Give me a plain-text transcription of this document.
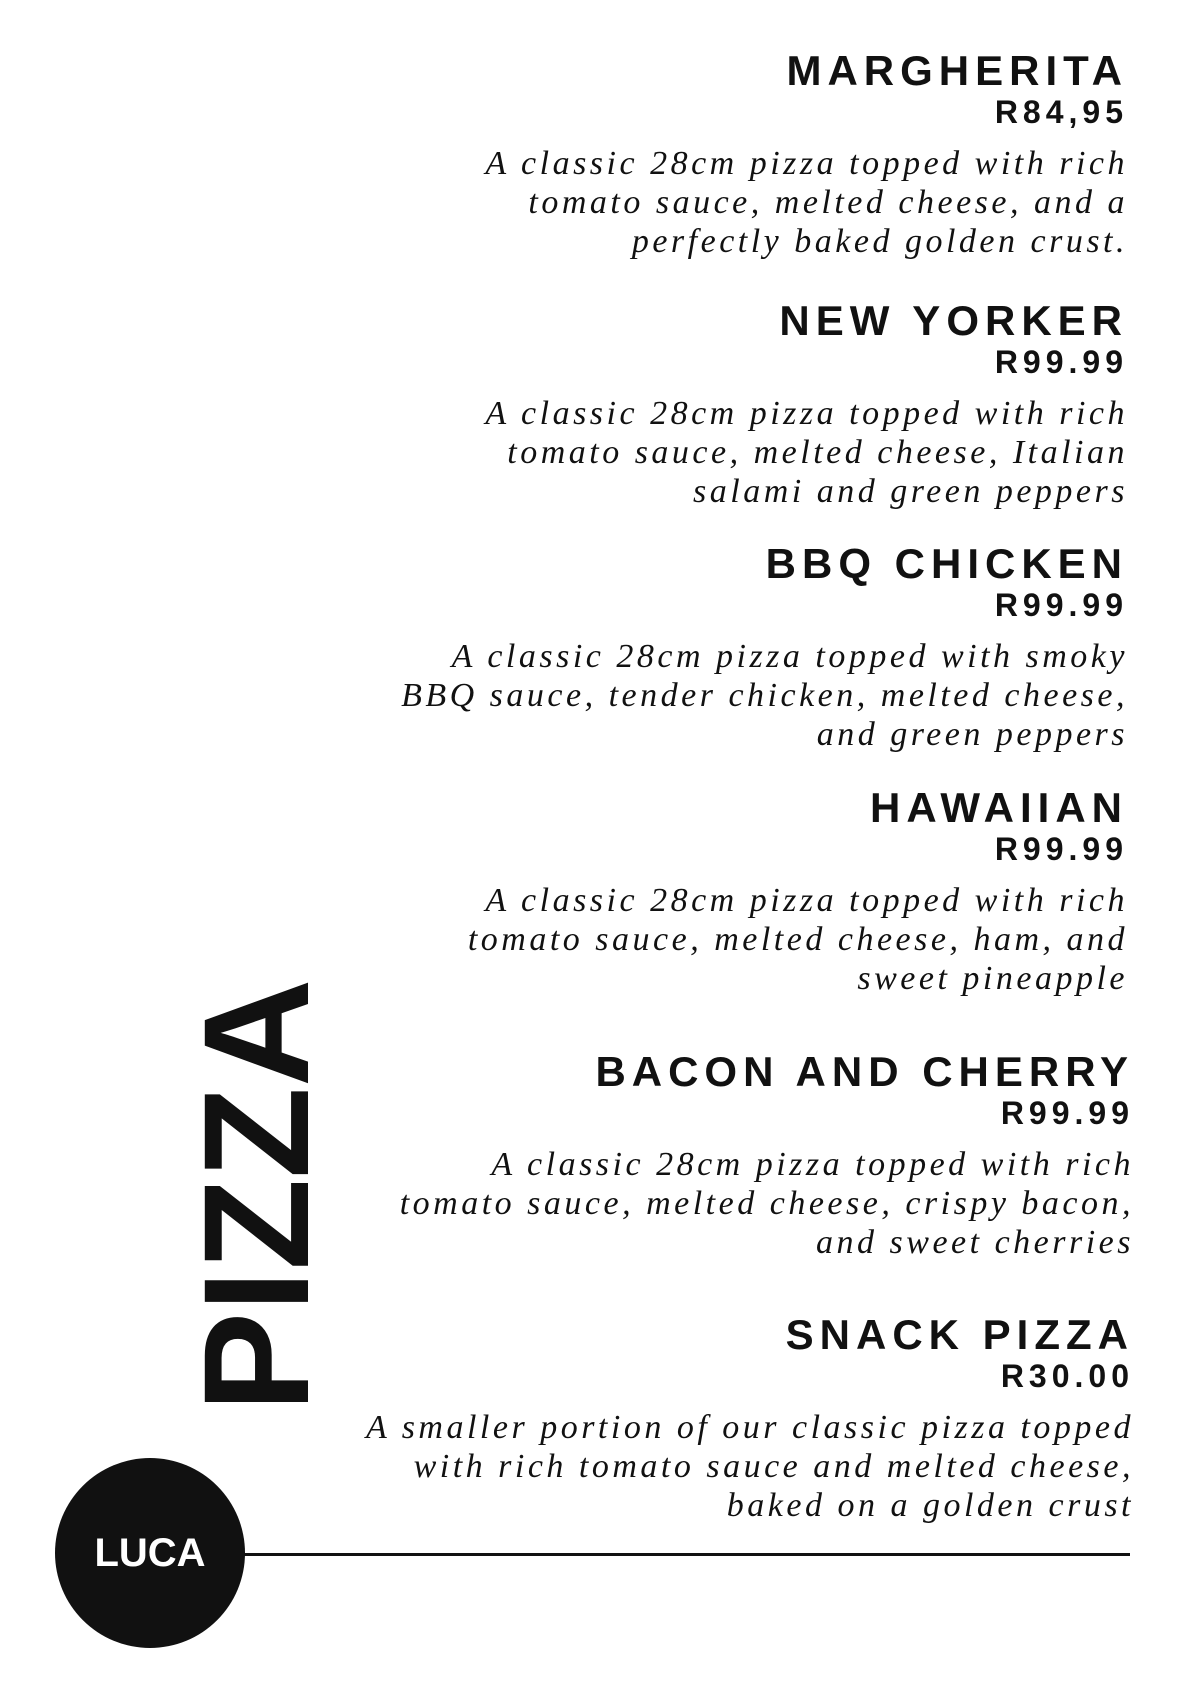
MARGHERITA

R84,95

A classic 28cm pizza topped with rich
tomato sauce, melted cheese, and a
perfectly baked golden crust.

NEW YORKER

R99.99

A classic 28cm pizza topped with rich
tomato sauce, melted cheese, Italian
salami and green peppers

BBQ CHICKEN

R99.99

A classic 28cm pizza topped with smoky
BBQ sauce, tender chicken, melted cheese,
and green peppers

HAWAIIAN

R99.99

A classic 28cm pizza topped with rich
tomato sauce, melted cheese, ham, and
sweet pineapple

BACON AND CHERRY

R99.99

A classic 28cm pizza topped with rich
tomato sauce, melted cheese, crispy bacon,
and sweet cherries

SNACK PIZZA

R30.00

A smaller portion of our classic pizza topped
with rich tomato sauce and melted cheese,
baked on a golden crust

PIZZA

LUCA
